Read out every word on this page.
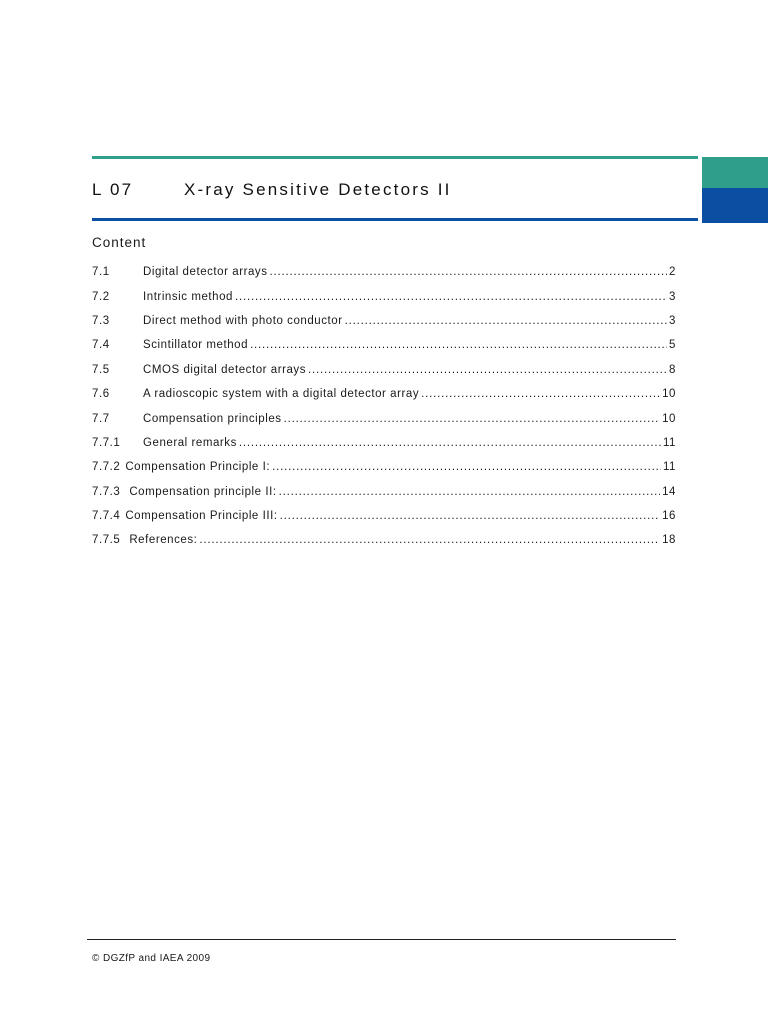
L 07	X-ray Sensitive Detectors II
Content
7.1	Digital detector arrays .....	2
7.2	Intrinsic method .....	3
7.3	Direct method with photo conductor .....	3
7.4	Scintillator method .....	5
7.5	CMOS digital detector arrays .....	8
7.6	A radioscopic system with a digital detector array .....	10
7.7	Compensation principles .....	10
7.7.1	General remarks .....	11
7.7.2 Compensation Principle I: .....	11
7.7.3 Compensation principle II: .....	14
7.7.4 Compensation Principle III: .....	16
7.7.5 References: .....	18
© DGZfP and IAEA 2009
